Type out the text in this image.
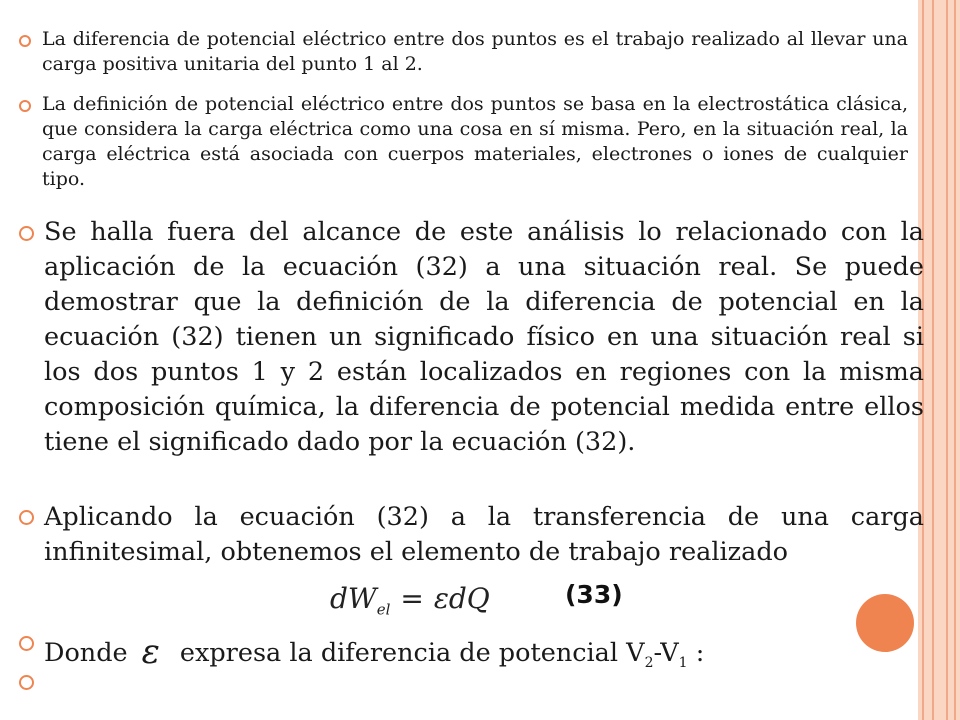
La diferencia de potencial eléctrico entre dos puntos es el trabajo realizado al llevar una carga positiva unitaria del punto 1 al 2.
La definición de potencial eléctrico entre dos puntos se basa en la electrostática clásica, que considera la carga eléctrica como una cosa en sí misma. Pero, en la situación real, la carga eléctrica está asociada con cuerpos materiales, electrones o iones de cualquier tipo.
Se halla fuera del alcance de este análisis lo relacionado con la aplicación de la ecuación (32) a una situación real. Se puede demostrar que la definición de la diferencia de potencial en la ecuación (32) tienen un significado físico en una situación real si los dos puntos 1 y 2 están localizados en regiones con la misma composición química, la diferencia de potencial medida entre ellos tiene el significado dado por la ecuación (32).
Aplicando la ecuación (32) a la transferencia de una carga infinitesimal, obtenemos el elemento de trabajo realizado
$dW_{el} = \varepsilon dQ$	(33)
Donde ε expresa la diferencia de potencial $V_2-V_1$ :
